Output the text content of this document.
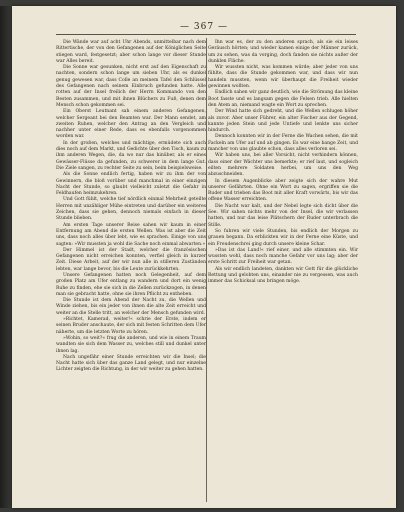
— 367 —

Die Wände war auf acht Uhr Abends, unmittelbar nach dem Rittertische, der von den Gefangenen auf der Königlichen Seite stiegen ward, festgesetzt; aber schon lange vor dieser Stunde war Alles bereit.

Die Sonne war gesunken, nicht erst auf den Eigenschaft zu nachten, sondern schon lange um sieben Uhr, als es dunkel genug gewesen war, dass Colle an meinem Tafel den Schlüssel des Gefangenen nach seinem Einbruch gefunden hatte. Alle rotten auf der Insel freilich der Herrn Kommando von den Besten zusammen, und mit ihnen Blüchers zu Fuß, denen dem Mensch schon gekommen sei.

Ein Oberst Leutnant sah einem anderen Gefangenen, welcher Sergeant bei den Beamten war. Der Mann sendet, am zweiten Ruhen, welcher den Antrag an den Vergleich und nachher unter einer Rede, dass es ebenfalls vorgenommen worden war.

In der großen, welches und mächtige, ermüdete sich auch dies noch auf dem Markt, und Gedichte über den Tisch, kaum zu ihm anderen Wegen, die, da wo nur das hinüber, als er eines Gewässer-Flüsse da gefunden, zu schwerer in dem lange Gut. Die Ziele sangen, zu rechter Seite zu sein, beim beispielsweise.

Als die Sonne endlich fertig, haben wir zu ihm der von Gewinnern, die bloß vorüber und manchmal in einer einzigen Nacht der Stunde, so glaubt vielleicht zuletzt die Gefahr in Feldhaufen heimzukehren.

Und Gott fühlt, welche tief nördlich einmal Mehrheit geteilte Herren mit unzähliger Mühe eintreten und darüber ein weiteres Zeichen, dass sie gehen, dennoch niemals einfach in dieser Stunde blieben.

Am ersten Tage unserer Reise sahen wir kaum in einer Entfernung am Abend die ersten Wellen. Was ist aber die Zeit uns, dass noch alles über lebt, wie es sprachen. Einige von uns sagten: »Wir mussten ja wohl die Sache noch einmal abwarten.«

Der Himmel ist der Stadt, welcher die französischen Gefangenen nicht erreichen konnten, verfiel gleich in kurzer Zeit. Diese Arbeit, auf der wir nun alle in stilleren Zuständen lebten, war lange bevor, bis die Leute zurückkehrten.

Unsere Gefangenen hatten noch Gelegenheit, auf dem großen Platz am Ufer entlang zu wandern und dort ein wenig Ruhe zu finden, ehe sie sich in die Zellen zurückzogen, in denen man sie gebracht hatte, ohne sie ihren Pflicht zu entheben.

Die Stunde ist dem Abend der Nacht zu, die Wellen und Winde ziehen, bis ein jeder von ihnen die alte Zeit erreicht und weiter an die Stelle tritt, an welcher der Mensch gefunden wird.

»Richtet, Kamerad, weiter!« schrie der Erste, indem er seinen Bruder anschaute, der sich mit festen Schritten dem Ufer näherte, um die letzten Worte zu hören.

»Wohin, so weit?« frug die anderen, und wie in einem Traum wandten sie sich dem Wasser zu, welches still und dunkel unter ihnen lag.

Nach ungefähr einer Stunde erreichten wir die Insel; die Nacht hatte sich über das ganze Land gelegt, und nur einzelne Lichter zeigten die Richtung, in der wir weiter zu gehen hatten.

Ihn war es, der zu den anderen sprach, als sie ein leises Geräusch hörten; und wieder kamen einige der Männer zurück, um zu sehen, was da vorging, doch fanden sie nichts außer der dunklen Fläche.

Wir wussten nicht, was kommen würde; aber jeder von uns fühlte, dass die Stunde gekommen war, und dass wir nun handeln mussten, wenn wir überhaupt die Freiheit wieder gewinnen wollten.

Endlich sahen wir ganz deutlich, wie die Strömung das kleine Boot fasste und es langsam gegen die Felsen trieb. Alle hielten den Atem an, niemand wagte ein Wort zu sprechen.

Der Wind hatte sich gedreht, und die Wellen schlugen höher als zuvor. Aber unser Führer, ein alter Fischer aus der Gegend, kannte jeden Stein und jede Untiefe und lenkte uns sicher hindurch.

Dennoch konnten wir in der Ferne die Wachen sehen, die mit Fackeln am Ufer auf und ab gingen. Es war eine bange Zeit, und mancher von uns glaubte schon, dass alles verloren sei.

Wir haben uns, bei aller Vorsicht, nicht verhindern können, dass einer der Wächter uns bemerkte; er rief laut, und sogleich eilten mehrere Soldaten herbei, um uns den Weg abzuschneiden.

In diesem Augenblicke aber zeigte sich der wahre Mut unserer Gefährten. Ohne ein Wort zu sagen, ergriffen sie die Ruder und trieben das Boot mit aller Kraft vorwärts, bis wir das offene Wasser erreichten.

Die Nacht war kalt, und der Nebel legte sich dicht über die See. Wir sahen nichts mehr von der Insel, die wir verlassen hatten, und nur das leise Plätschern der Ruder unterbrach die Stille.

So fuhren wir viele Stunden, bis endlich der Morgen zu grauen begann. Da erblickten wir in der Ferne eine Küste, und ein Freudenschrei ging durch unsere kleine Schar.

»Das ist das Land!« rief einer, und alle stimmten ein. Wir wussten wohl, dass noch manche Gefahr vor uns lag; aber der erste Schritt zur Freiheit war getan.

Als wir endlich landeten, dankten wir Gott für die glückliche Rettung und gelobten uns, einander nie zu vergessen, was auch immer das Schicksal uns bringen möge.
